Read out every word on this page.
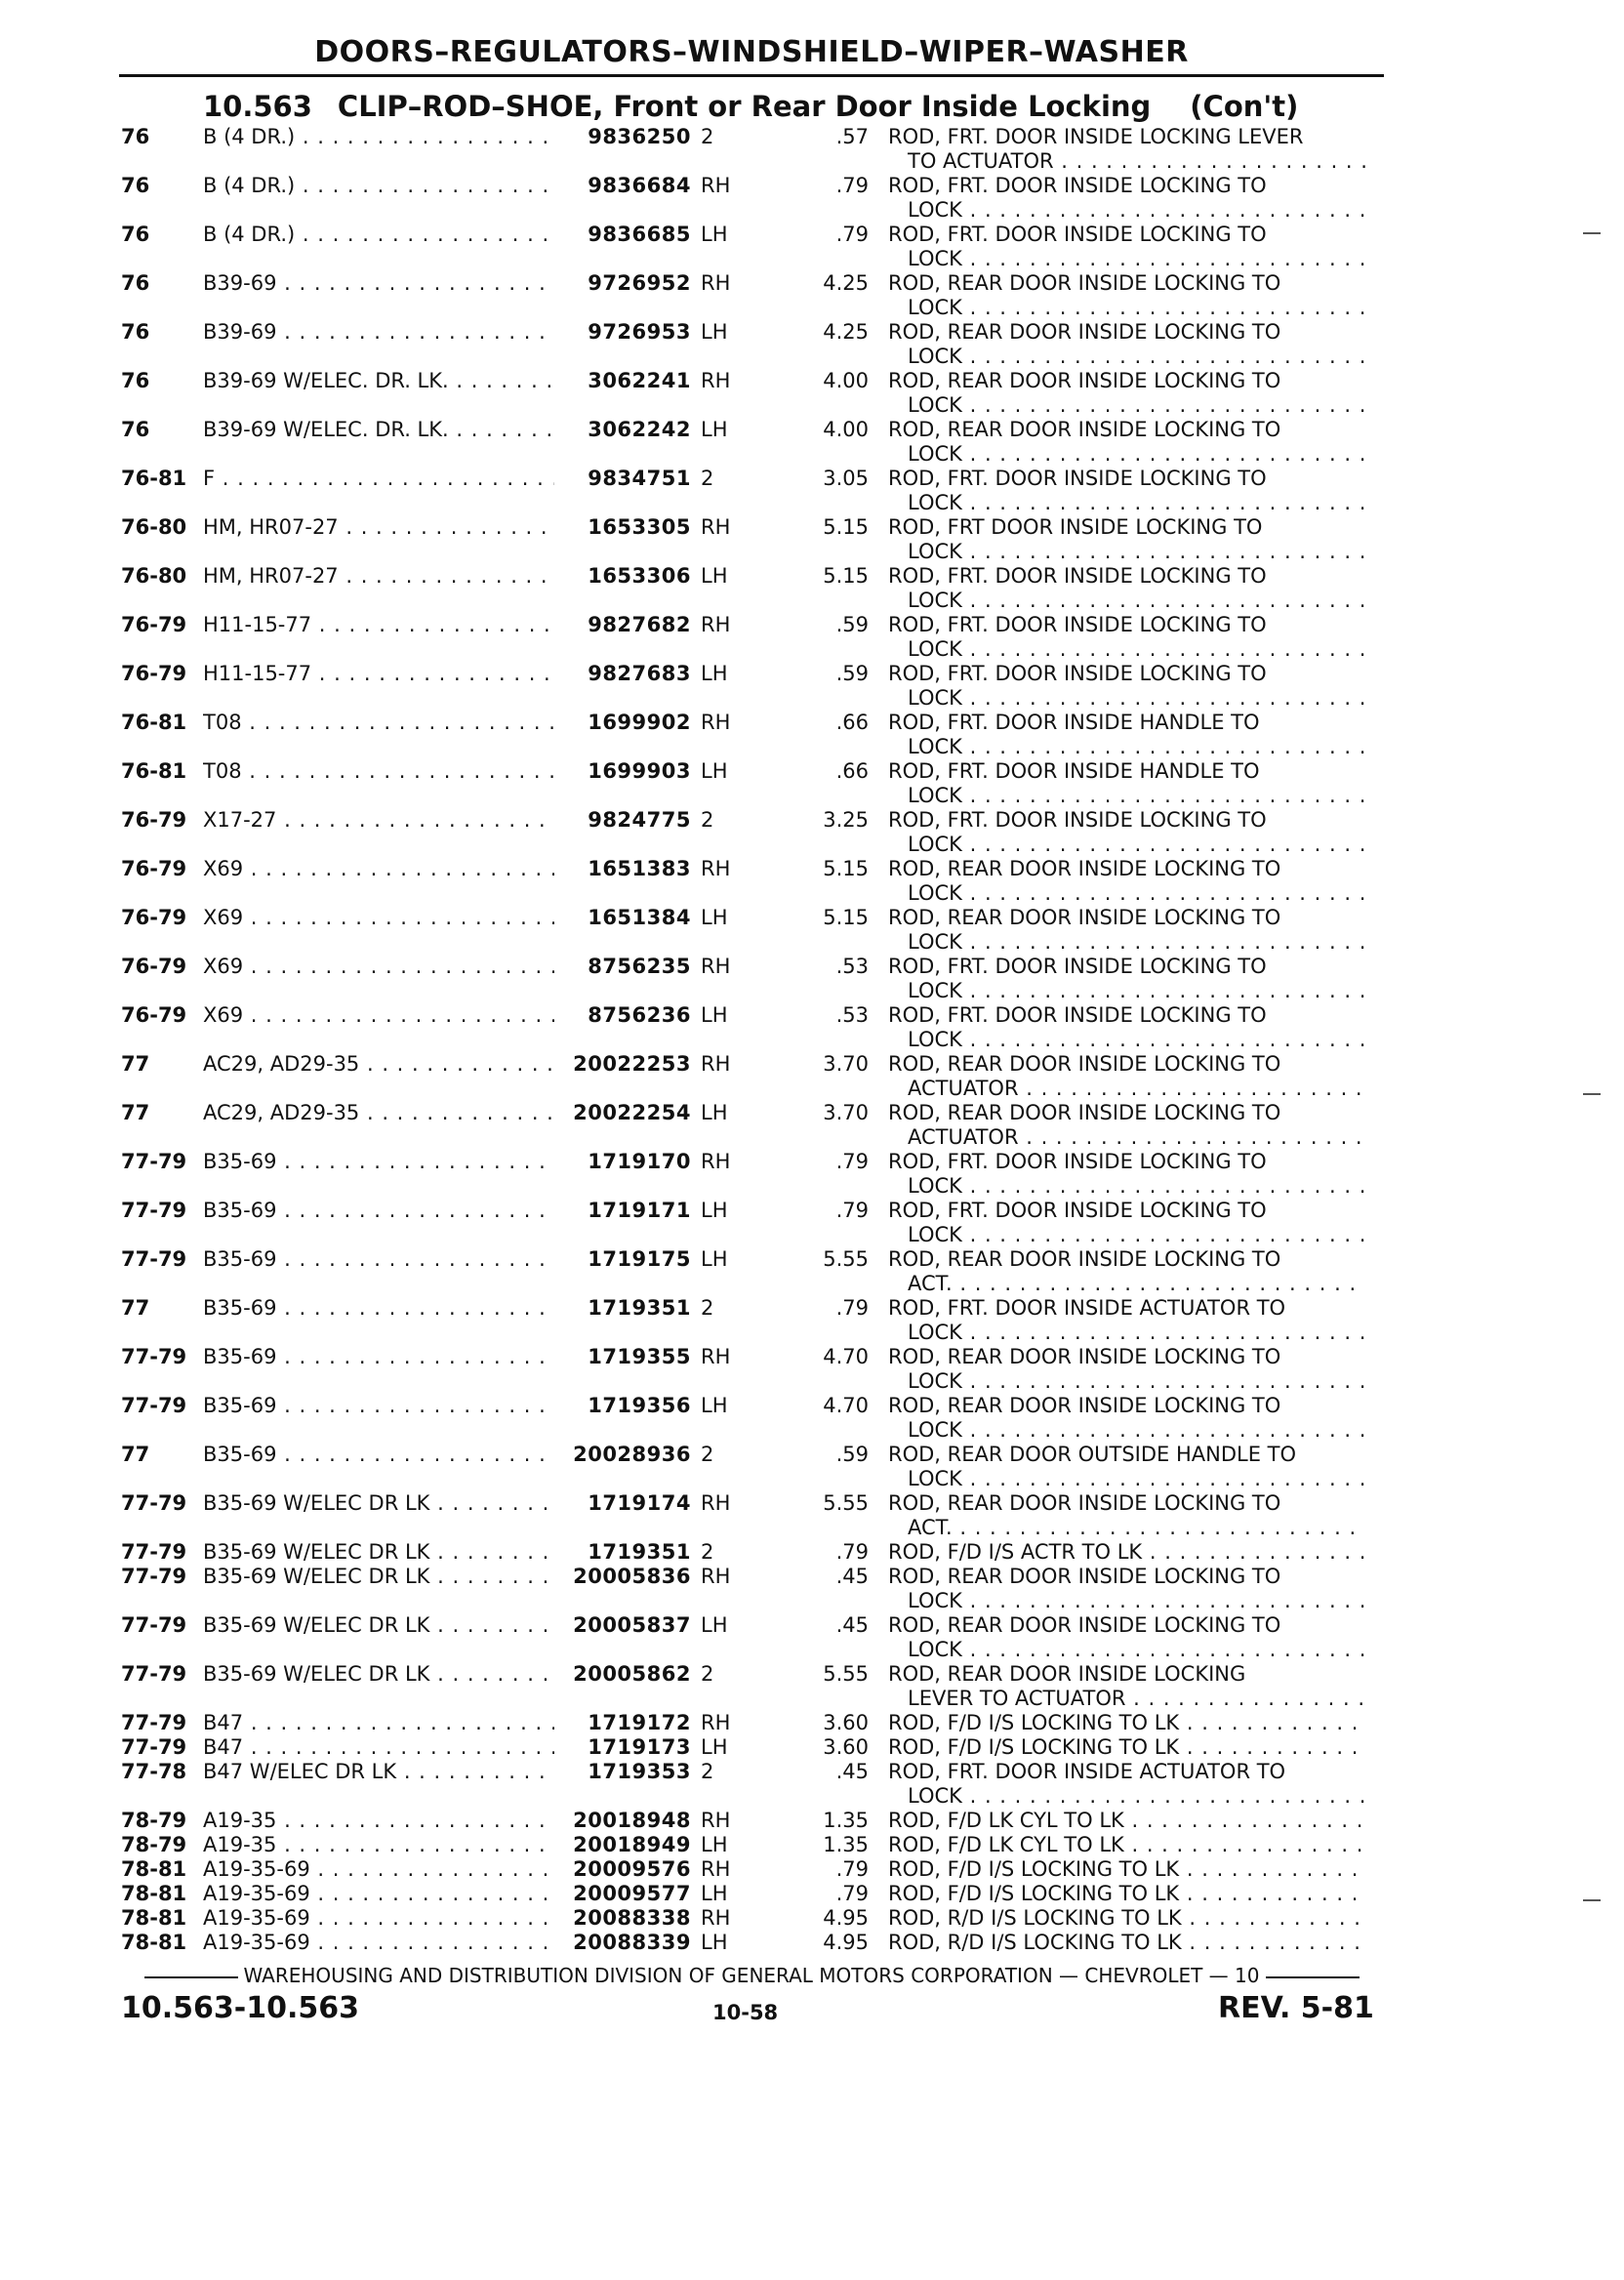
DOORS–REGULATORS–WINDSHIELD–WIPER–WASHER
10.563 CLIP–ROD–SHOE, Front or Rear Door Inside Locking (Con't)
76	B (4 DR.) . . .	9836250 2	.57 ROD, FRT. DOOR INSIDE LOCKING LEVER
TO ACTUATOR . . .
76	B (4 DR.) . . .	9836684 RH	.79 ROD, FRT. DOOR INSIDE LOCKING TO
LOCK . . .
76	B (4 DR.) . . .	9836685 LH	.79 ROD, FRT. DOOR INSIDE LOCKING TO
LOCK . . .
76	B39-69 . . .	9726952 RH	4.25 ROD, REAR DOOR INSIDE LOCKING TO
LOCK . . .
76	B39-69 . . .	9726953 LH	4.25 ROD, REAR DOOR INSIDE LOCKING TO
LOCK . . .
76	B39-69 W/ELEC. DR. LK. . . .	3062241 RH	4.00 ROD, REAR DOOR INSIDE LOCKING TO
LOCK . . .
76	B39-69 W/ELEC. DR. LK. . . .	3062242 LH	4.00 ROD, REAR DOOR INSIDE LOCKING TO
LOCK . . .
76-81 F . . .	9834751 2	3.05 ROD, FRT. DOOR INSIDE LOCKING TO
LOCK . . .
76-80 HM, HR07-27 . . .	1653305 RH	5.15 ROD, FRT DOOR INSIDE LOCKING TO
LOCK . . .
76-80 HM, HR07-27 . . .	1653306 LH	5.15 ROD, FRT. DOOR INSIDE LOCKING TO
LOCK . . .
76-79 H11-15-77 . . .	9827682 RH	.59 ROD, FRT. DOOR INSIDE LOCKING TO
LOCK . . .
76-79 H11-15-77 . . .	9827683 LH	.59 ROD, FRT. DOOR INSIDE LOCKING TO
LOCK . . .
76-81 T08 . . .	1699902 RH	.66 ROD, FRT. DOOR INSIDE HANDLE TO
LOCK . . .
76-81 T08 . . .	1699903 LH	.66 ROD, FRT. DOOR INSIDE HANDLE TO
LOCK . . .
76-79 X17-27 . . .	9824775 2	3.25 ROD, FRT. DOOR INSIDE LOCKING TO
LOCK . . .
76-79 X69 . . .	1651383 RH	5.15 ROD, REAR DOOR INSIDE LOCKING TO
LOCK . . .
76-79 X69 . . .	1651384 LH	5.15 ROD, REAR DOOR INSIDE LOCKING TO
LOCK . . .
76-79 X69 . . .	8756235 RH	.53 ROD, FRT. DOOR INSIDE LOCKING TO
LOCK . . .
76-79 X69 . . .	8756236 LH	.53 ROD, FRT. DOOR INSIDE LOCKING TO
LOCK . . .
77	AC29, AD29-35 . . .	20022253 RH	3.70 ROD, REAR DOOR INSIDE LOCKING TO
ACTUATOR . . .
77	AC29, AD29-35 . . .	20022254 LH	3.70 ROD, REAR DOOR INSIDE LOCKING TO
ACTUATOR . . .
77-79 B35-69 . . .	1719170 RH	.79 ROD, FRT. DOOR INSIDE LOCKING TO
LOCK . . .
77-79 B35-69 . . .	1719171 LH	.79 ROD, FRT. DOOR INSIDE LOCKING TO
LOCK . . .
77-79 B35-69 . . .	1719175 LH	5.55 ROD, REAR DOOR INSIDE LOCKING TO
ACT. . . .
77	B35-69 . . .	1719351 2	.79 ROD, FRT. DOOR INSIDE ACTUATOR TO
LOCK . . .
77-79 B35-69 . . .	1719355 RH	4.70 ROD, REAR DOOR INSIDE LOCKING TO
LOCK . . .
77-79 B35-69 . . .	1719356 LH	4.70 ROD, REAR DOOR INSIDE LOCKING TO
LOCK . . .
77	B35-69 . . .	20028936 2	.59 ROD, REAR DOOR OUTSIDE HANDLE TO
LOCK . . .
77-79 B35-69 W/ELEC DR LK . . .	1719174 RH	5.55 ROD, REAR DOOR INSIDE LOCKING TO
ACT. . . .
77-79 B35-69 W/ELEC DR LK . . .	1719351 2	.79 ROD, F/D I/S ACTR TO LK . . .
77-79 B35-69 W/ELEC DR LK . . .	20005836 RH	.45 ROD, REAR DOOR INSIDE LOCKING TO
LOCK . . .
77-79 B35-69 W/ELEC DR LK . . .	20005837 LH	.45 ROD, REAR DOOR INSIDE LOCKING TO
LOCK . . .
77-79 B35-69 W/ELEC DR LK . . .	20005862 2	5.55 ROD, REAR DOOR INSIDE LOCKING
LEVER TO ACTUATOR . . .
77-79 B47 . . .	1719172 RH	3.60 ROD, F/D I/S LOCKING TO LK . . .
77-79 B47 . . .	1719173 LH	3.60 ROD, F/D I/S LOCKING TO LK . . .
77-78 B47 W/ELEC DR LK . . .	1719353 2	.45 ROD, FRT. DOOR INSIDE ACTUATOR TO
LOCK . . .
78-79 A19-35 . . .	20018948 RH	1.35 ROD, F/D LK CYL TO LK . . .
78-79 A19-35 . . .	20018949 LH	1.35 ROD, F/D LK CYL TO LK . . .
78-81 A19-35-69 . . .	20009576 RH	.79 ROD, F/D I/S LOCKING TO LK . . .
78-81 A19-35-69 . . .	20009577 LH	.79 ROD, F/D I/S LOCKING TO LK . . .
78-81 A19-35-69 . . .	20088338 RH	4.95 ROD, R/D I/S LOCKING TO LK . . .
78-81 A19-35-69 . . .	20088339 LH	4.95 ROD, R/D I/S LOCKING TO LK . . .
WAREHOUSING AND DISTRIBUTION DIVISION OF GENERAL MOTORS CORPORATION — CHEVROLET — 10
10.563-10.563	10-58	REV. 5-81
